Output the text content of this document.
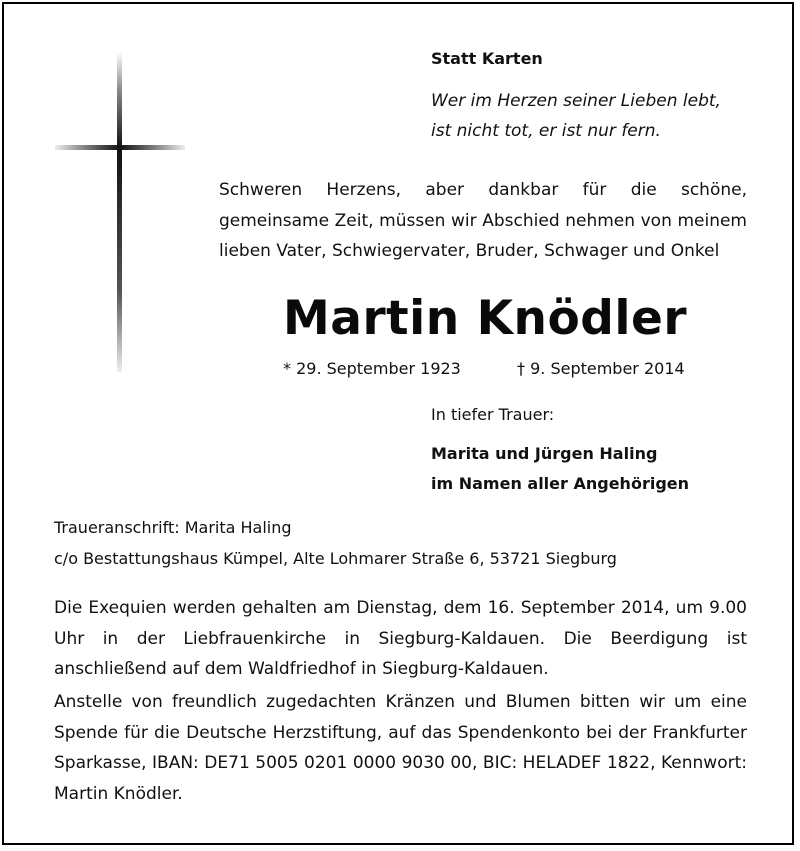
Statt Karten

Wer im Herzen seiner Lieben lebt,

ist nicht tot, er ist nur fern.

Schweren Herzens, aber dankbar für die schöne, gemeinsame Zeit, müssen wir Abschied nehmen von meinem lieben Vater, Schwiegervater, Bruder, Schwager und Onkel

Martin Knödler

* 29. September 1923	† 9. September 2014

In tiefer Trauer:

Marita und Jürgen Haling

im Namen aller Angehörigen

Traueranschrift: Marita Haling

c/o Bestattungshaus Kümpel, Alte Lohmarer Straße 6, 53721 Siegburg

Die Exequien werden gehalten am Dienstag, dem 16. September 2014, um 9.00 Uhr in der Liebfrauenkirche in Siegburg-Kaldauen. Die Beerdigung ist anschließend auf dem Waldfriedhof in Siegburg-Kaldauen.

Anstelle von freundlich zugedachten Kränzen und Blumen bitten wir um eine Spende für die Deutsche Herzstiftung, auf das Spendenkonto bei der Frankfurter Sparkasse, IBAN: DE71 5005 0201 0000 9030 00, BIC: HELADEF 1822, Kennwort: Martin Knödler.
